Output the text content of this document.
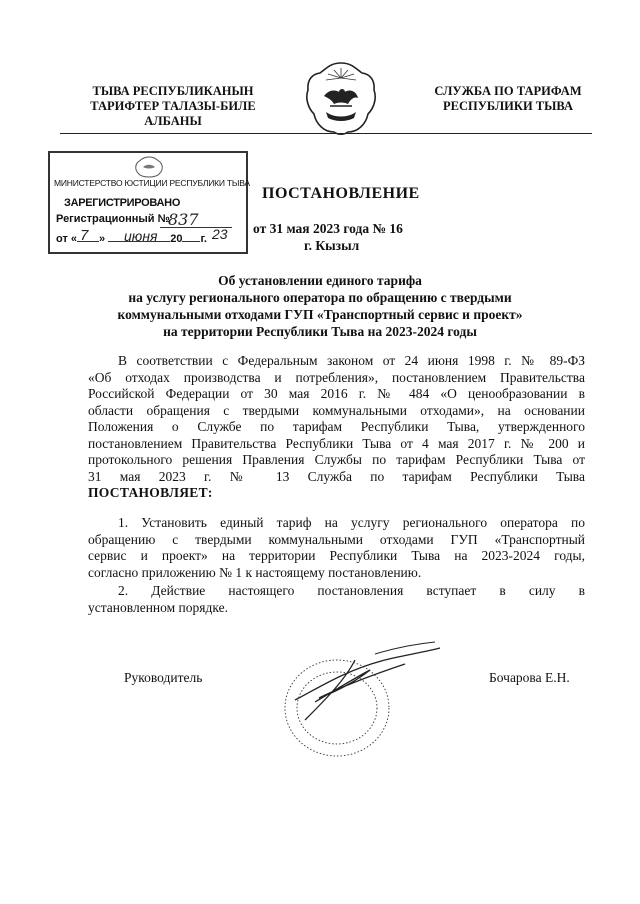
ТЫВА РЕСПУБЛИКАНЫН
ТАРИФТЕР ТАЛАЗЫ-БИЛЕ
АЛБАНЫ
СЛУЖБА ПО ТАРИФАМ
РЕСПУБЛИКИ ТЫВА
МИНИСТЕРСТВО ЮСТИЦИИ РЕСПУБЛИКИ ТЫВА
ЗАРЕГИСТРИРОВАНО
Регистрационный №
837
от « »	20 г.
7	июня	23
ПОСТАНОВЛЕНИЕ
от 31 мая 2023 года № 16
г. Кызыл
Об установлении единого тарифа
на услугу регионального оператора по обращению с твердыми
коммунальными отходами ГУП «Транспортный сервис и проект»
на территории Республики Тыва на 2023-2024 годы
В соответствии с Федеральным законом от 24 июня 1998 г. № 89-ФЗ
«Об отходах производства и потребления», постановлением Правительства
Российской Федерации от 30 мая 2016 г. № 484 «О ценообразовании в
области обращения с твердыми коммунальными отходами», на основании
Положения о Службе по тарифам Республики Тыва, утвержденного
постановлением Правительства Республики Тыва от 4 мая 2017 г. № 200 и
протокольного решения Правления Службы по тарифам Республики Тыва от
31 мая 2023 г. № 13 Служба по тарифам Республики Тыва
ПОСТАНОВЛЯЕТ:
1. Установить единый тариф на услугу регионального оператора по
обращению с твердыми коммунальными отходами ГУП «Транспортный
сервис и проект» на территории Республики Тыва на 2023-2024 годы,
согласно приложению № 1 к настоящему постановлению.
2. Действие настоящего постановления вступает в силу в
установленном порядке.
Руководитель	Бочарова Е.Н.
